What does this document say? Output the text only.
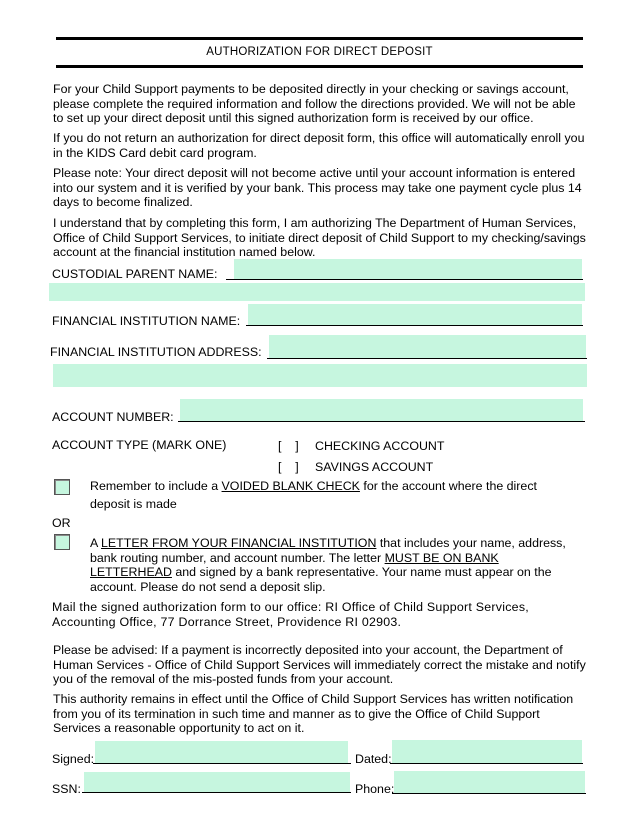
AUTHORIZATION FOR DIRECT DEPOSIT
For your Child Support payments to be deposited directly in your checking or savings account, please complete the required information and follow the directions provided. We will not be able to set up your direct deposit until this signed authorization form is received by our office.
If you do not return an authorization for direct deposit form, this office will automatically enroll you in the KIDS Card debit card program.
Please note: Your direct deposit will not become active until your account information is entered into our system and it is verified by your bank. This process may take one payment cycle plus 14 days to become finalized.
I understand that by completing this form, I am authorizing The Department of Human Services, Office of Child Support Services, to initiate direct deposit of Child Support to my checking/savings account at the financial institution named below.
CUSTODIAL PARENT NAME:
FINANCIAL INSTITUTION NAME:
FINANCIAL INSTITUTION ADDRESS:
ACCOUNT NUMBER:
ACCOUNT TYPE (MARK ONE)	[    ] CHECKING ACCOUNT
[    ] SAVINGS ACCOUNT
Remember to include a VOIDED BLANK CHECK for the account where the direct deposit is made
OR
A LETTER FROM YOUR FINANCIAL INSTITUTION that includes your name, address, bank routing number, and account number. The letter MUST BE ON BANK LETTERHEAD and signed by a bank representative. Your name must appear on the account. Please do not send a deposit slip.
Mail the signed authorization form to our office: RI Office of Child Support Services,
Accounting Office, 77 Dorrance Street, Providence RI 02903.
Please be advised: If a payment is incorrectly deposited into your account, the Department of Human Services - Office of Child Support Services will immediately correct the mistake and notify you of the removal of the mis-posted funds from your account.
This authority remains in effect until the Office of Child Support Services has written notification from you of its termination in such time and manner as to give the Office of Child Support Services a reasonable opportunity to act on it.
Signed:	Dated:
SSN:	Phone:
